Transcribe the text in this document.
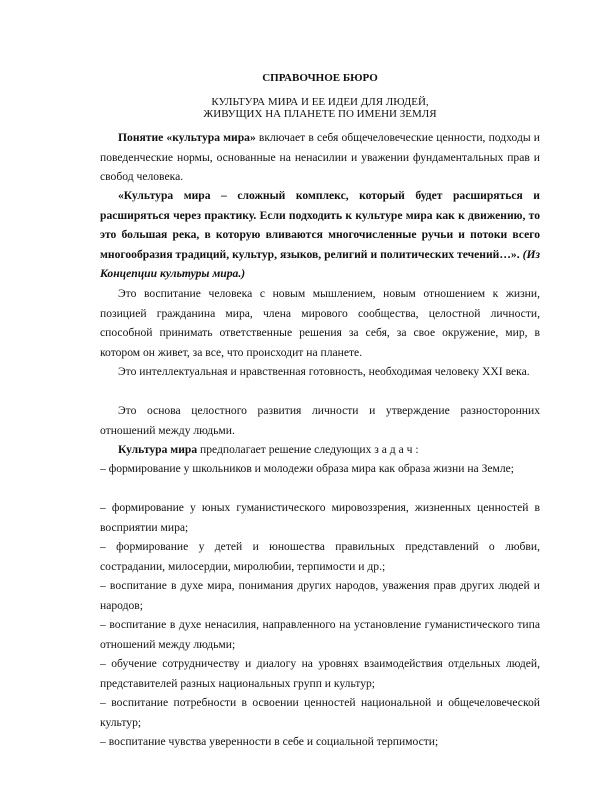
СПРАВОЧНОЕ БЮРО
КУЛЬТУРА МИРА И ЕЕ ИДЕИ ДЛЯ ЛЮДЕЙ,
ЖИВУЩИХ НА ПЛАНЕТЕ ПО ИМЕНИ ЗЕМЛЯ
Понятие «культура мира» включает в себя общечеловеческие ценности, подходы и поведенческие нормы, основанные на ненасилии и уважении фундаментальных прав и свобод человека.
«Культура мира – сложный комплекс, который будет расширяться и расширяться через практику. Если подходить к культуре мира как к движению, то это большая река, в которую вливаются многочисленные ручьи и потоки всего многообразия традиций, культур, языков, религий и политических течений…». (Из Концепции культуры мира.)
Это воспитание человека с новым мышлением, новым отношением к жизни, позицией гражданина мира, члена мирового сообщества, целостной личности, способной принимать ответственные решения за себя, за свое окружение, мир, в котором он живет, за все, что происходит на планете.
Это интеллектуальная и нравственная готовность, необходимая человеку XXI века.
Это основа целостного развития личности и утверждение разносторонних отношений между людьми.
Культура мира предполагает решение следующих з а д а ч :
– формирование у школьников и молодежи образа мира как образа жизни на Земле;
– формирование у юных гуманистического мировоззрения, жизненных ценностей в восприятии мира;
– формирование у детей и юношества правильных представлений о любви, сострадании, милосердии, миролюбии, терпимости и др.;
– воспитание в духе мира, понимания других народов, уважения прав других людей и народов;
– воспитание в духе ненасилия, направленного на установление гуманистического типа отношений между людьми;
– обучение сотрудничеству и диалогу на уровнях взаимодействия отдельных людей, представителей разных национальных групп и культур;
– воспитание потребности в освоении ценностей национальной и общечеловеческой культур;
– воспитание чувства уверенности в себе и социальной терпимости;
